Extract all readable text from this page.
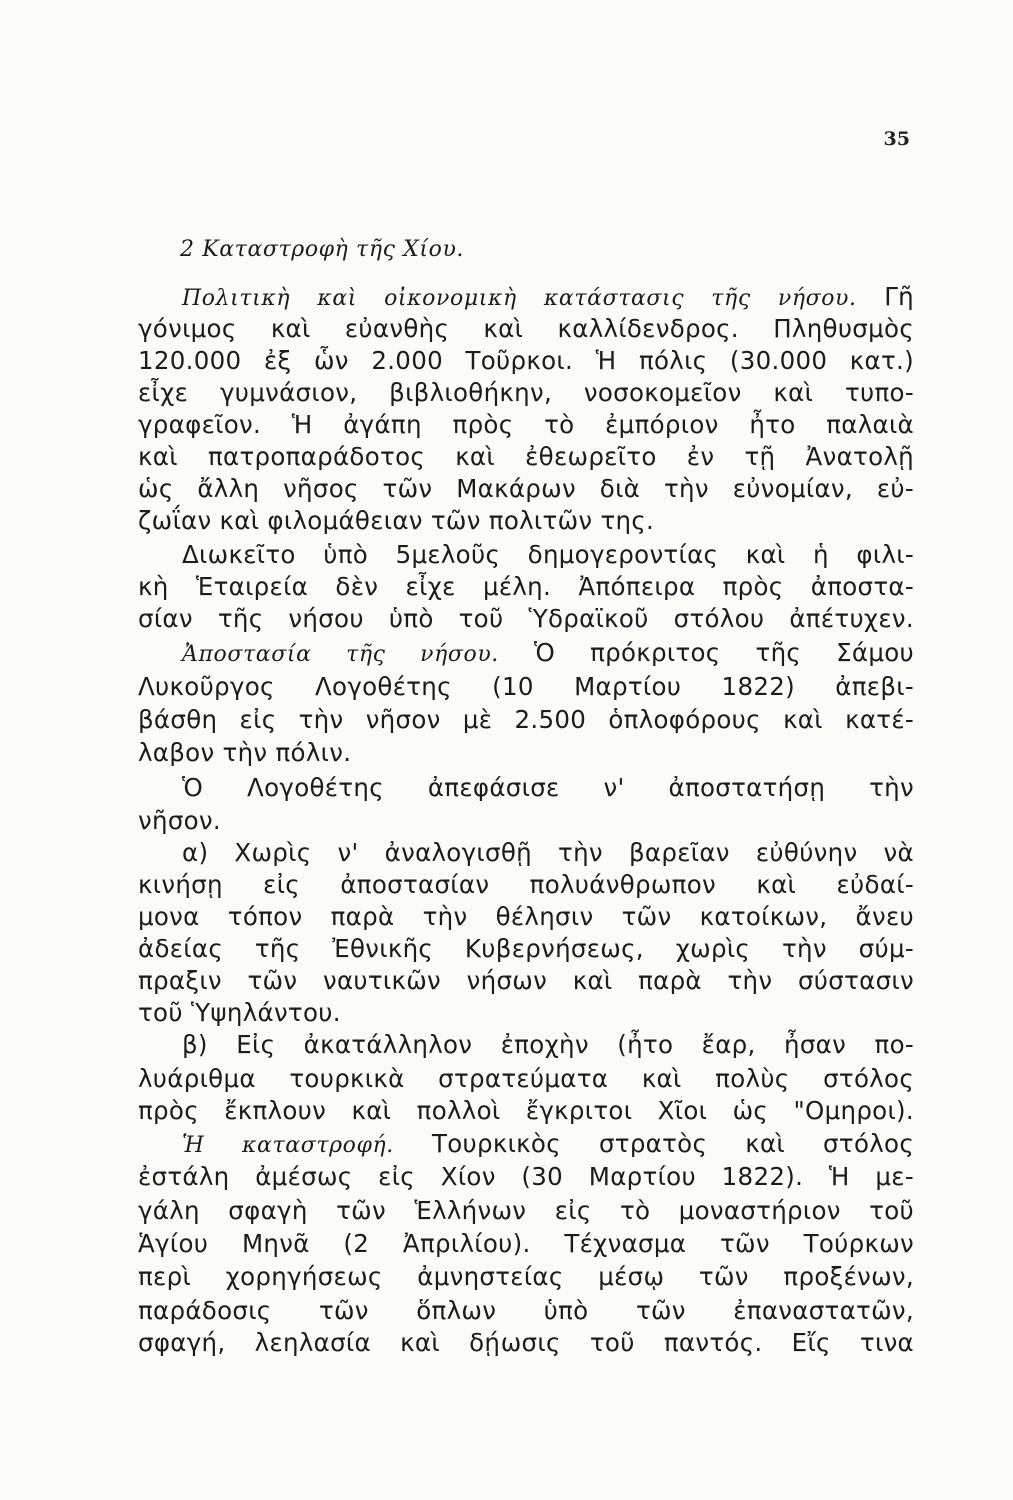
35
2 Καταστροφὴ τῆς Χίου.
Πολιτικὴ καὶ οἰκονομικὴ κατάστασις τῆς νήσου. Γῆ
γόνιμος καὶ εὐανθὴς καὶ καλλίδενδρος. Πληθυσμὸς
120.000 ἐξ ὧν 2.000 Τοῦρκοι. Ἡ πόλις (30.000 κατ.)
εἶχε γυμνάσιον, βιβλιοθήκην, νοσοκομεῖον καὶ τυπο-
γραφεῖον. Ἡ ἀγάπη πρὸς τὸ ἐμπόριον ἦτο παλαιὰ
καὶ πατροπαράδοτος καὶ ἐθεωρεῖτο ἐν τῇ Ἀνατολῇ
ὡς ἄλλη νῆσος τῶν Μακάρων διὰ τὴν εὐνομίαν, εὐ-
ζωΐαν καὶ φιλομάθειαν τῶν πολιτῶν της.
Διωκεῖτο ὑπὸ 5μελοῦς δημογεροντίας καὶ ἡ φιλι-
κὴ Ἑταιρεία δὲν εἶχε μέλη. Ἀπόπειρα πρὸς ἀποστα-
σίαν τῆς νήσου ὑπὸ τοῦ Ὑδραϊκοῦ στόλου ἀπέτυχεν.
Ἀποστασία τῆς νήσου. Ὁ πρόκριτος τῆς Σάμου
Λυκοῦργος Λογοθέτης (10 Μαρτίου 1822) ἀπεβι-
βάσθη εἰς τὴν νῆσον μὲ 2.500 ὁπλοφόρους καὶ κατέ-
λαβον τὴν πόλιν.
Ὁ Λογοθέτης ἀπεφάσισε ν' ἀποστατήσῃ τὴν
νῆσον.
α) Χωρὶς ν' ἀναλογισθῇ τὴν βαρεῖαν εὐθύνην νὰ
κινήσῃ εἰς ἀποστασίαν πολυάνθρωπον καὶ εὐδαί-
μονα τόπον παρὰ τὴν θέλησιν τῶν κατοίκων, ἄνευ
ἀδείας τῆς Ἐθνικῆς Κυβερνήσεως, χωρὶς τὴν σύμ-
πραξιν τῶν ναυτικῶν νήσων καὶ παρὰ τὴν σύστασιν
τοῦ Ὑψηλάντου.
β) Εἰς ἀκατάλληλον ἐποχὴν (ἦτο ἔαρ, ἦσαν πο-
λυάριθμα τουρκικὰ στρατεύματα καὶ πολὺς στόλος
πρὸς ἔκπλουν καὶ πολλοὶ ἔγκριτοι Χῖοι ὡς "Ομηροι).
Ἡ καταστροφή. Τουρκικὸς στρατὸς καὶ στόλος
ἐστάλη ἀμέσως εἰς Χίον (30 Μαρτίου 1822). Ἡ με-
γάλη σφαγὴ τῶν Ἑλλήνων εἰς τὸ μοναστήριον τοῦ
Ἁγίου Μηνᾶ (2 Ἀπριλίου). Τέχνασμα τῶν Τούρκων
περὶ χορηγήσεως ἀμνηστείας μέσῳ τῶν προξένων,
παράδοσις τῶν ὅπλων ὑπὸ τῶν ἐπαναστατῶν,
σφαγή, λεηλασία καὶ δῄωσις τοῦ παντός. Εἴς τινα
